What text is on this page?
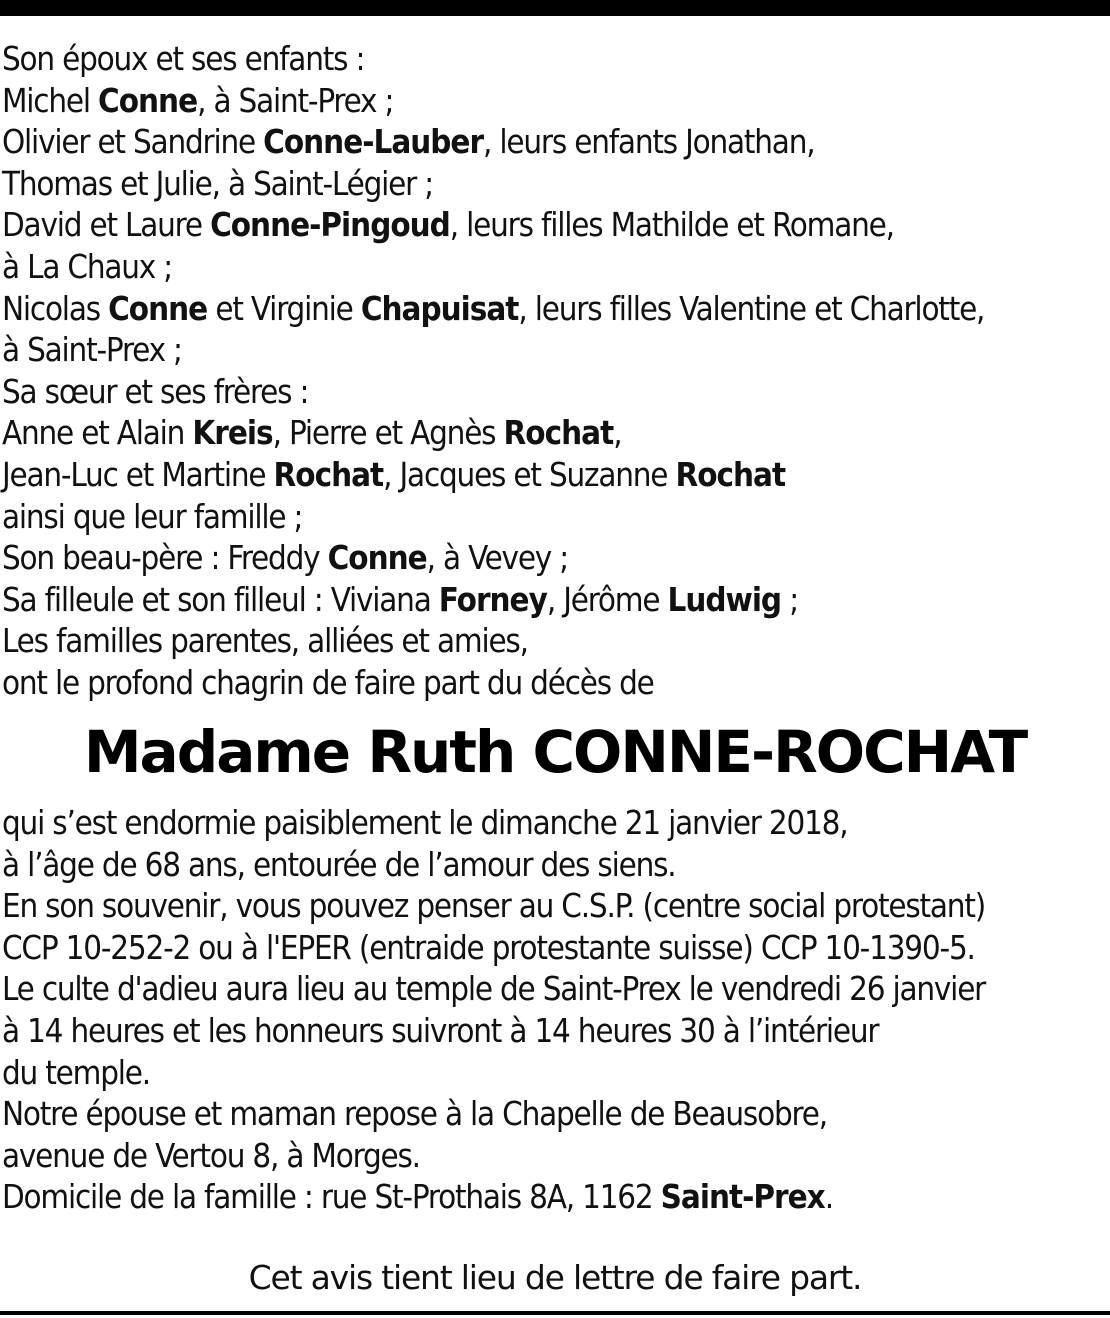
Son époux et ses enfants :
Michel Conne, à Saint-Prex ;
Olivier et Sandrine Conne-Lauber, leurs enfants Jonathan,
Thomas et Julie, à Saint-Légier ;
David et Laure Conne-Pingoud, leurs filles Mathilde et Romane,
à La Chaux ;
Nicolas Conne et Virginie Chapuisat, leurs filles Valentine et Charlotte,
à Saint-Prex ;
Sa sœur et ses frères :
Anne et Alain Kreis, Pierre et Agnès Rochat,
Jean-Luc et Martine Rochat, Jacques et Suzanne Rochat
ainsi que leur famille ;
Son beau-père : Freddy Conne, à Vevey ;
Sa filleule et son filleul : Viviana Forney, Jérôme Ludwig ;
Les familles parentes, alliées et amies,
ont le profond chagrin de faire part du décès de
Madame Ruth CONNE-ROCHAT
qui s’est endormie paisiblement le dimanche 21 janvier 2018,
à l’âge de 68 ans, entourée de l’amour des siens.
En son souvenir, vous pouvez penser au C.S.P. (centre social protestant)
CCP 10-252-2 ou à l'EPER (entraide protestante suisse) CCP 10-1390-5.
Le culte d'adieu aura lieu au temple de Saint-Prex le vendredi 26 janvier
à 14 heures et les honneurs suivront à 14 heures 30 à l’intérieur
du temple.
Notre épouse et maman repose à la Chapelle de Beausobre,
avenue de Vertou 8, à Morges.
Domicile de la famille : rue St-Prothais 8A, 1162 Saint-Prex.
Cet avis tient lieu de lettre de faire part.
